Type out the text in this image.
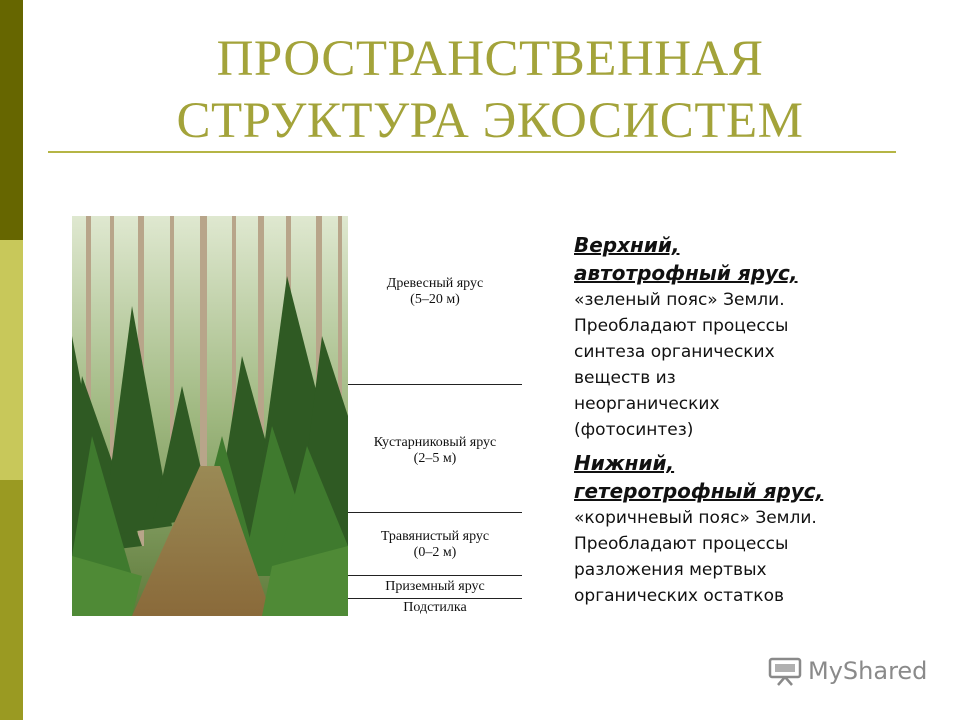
ПРОСТРАНСТВЕННАЯ
СТРУКТУРА ЭКОСИСТЕМ
Древесный ярус
(5–20 м)
Кустарниковый ярус
(2–5 м)
Травянистый ярус
(0–2 м)
Приземный ярус
Подстилка
Верхний,
автотрофный ярус,
«зеленый пояс» Земли.
Преобладают процессы
синтеза органических
веществ из
неорганических
(фотосинтез)
Нижний,
гетеротрофный ярус,
«коричневый пояс» Земли.
Преобладают процессы
разложения мертвых
органических остатков
MyShared
